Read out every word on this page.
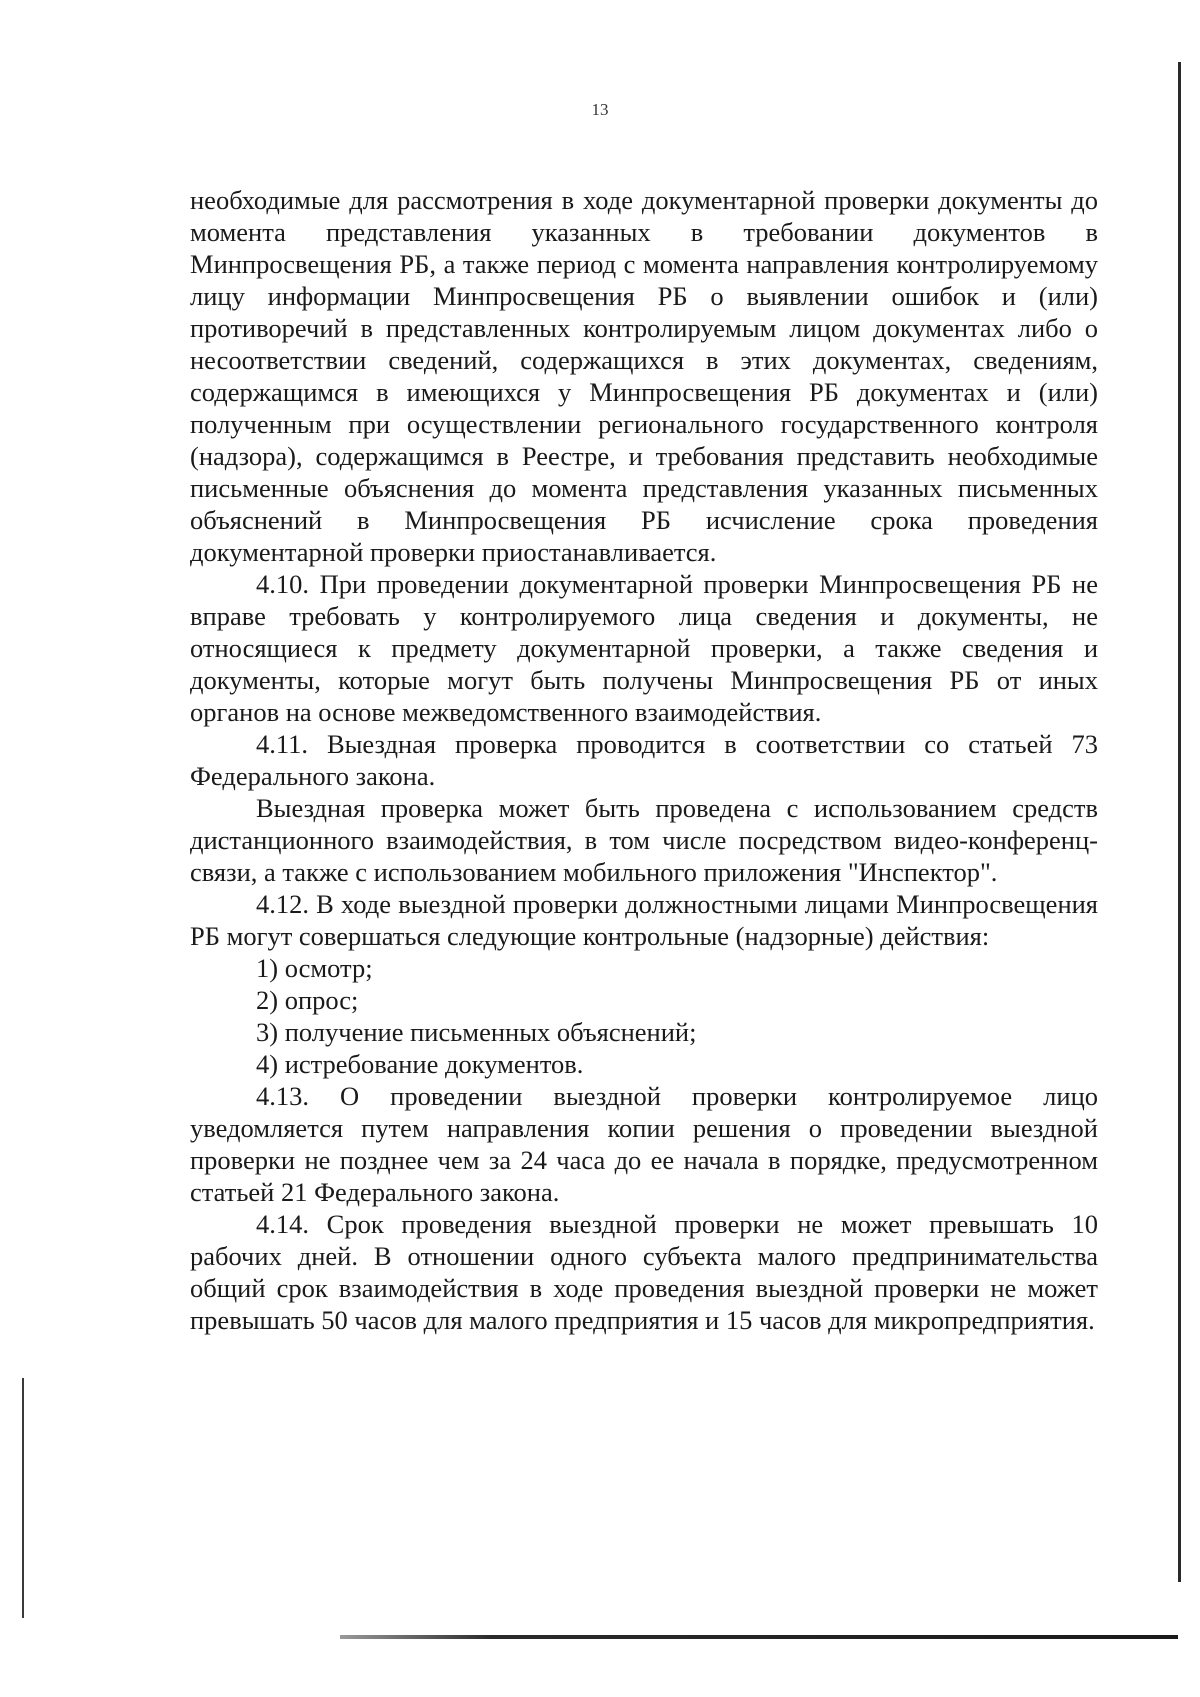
13

необходимые для рассмотрения в ходе документарной проверки документы до момента представления указанных в требовании документов в Минпросвещения РБ, а также период с момента направления контролируемому лицу информации Минпросвещения РБ о выявлении ошибок и (или) противоречий в представленных контролируемым лицом документах либо о несоответствии сведений, содержащихся в этих документах, сведениям, содержащимся в имеющихся у Минпросвещения РБ документах и (или) полученным при осуществлении регионального государственного контроля (надзора), содержащимся в Реестре, и требования представить необходимые письменные объяснения до момента представления указанных письменных объяснений в Минпросвещения РБ исчисление срока проведения документарной проверки приостанавливается.

4.10. При проведении документарной проверки Минпросвещения РБ не вправе требовать у контролируемого лица сведения и документы, не относящиеся к предмету документарной проверки, а также сведения и документы, которые могут быть получены Минпросвещения РБ от иных органов на основе межведомственного взаимодействия.

4.11. Выездная проверка проводится в соответствии со статьей 73 Федерального закона.

Выездная проверка может быть проведена с использованием средств дистанционного взаимодействия, в том числе посредством видео-конференц-связи, а также с использованием мобильного приложения "Инспектор".

4.12. В ходе выездной проверки должностными лицами Минпросвещения РБ могут совершаться следующие контрольные (надзорные) действия:

1) осмотр;

2) опрос;

3) получение письменных объяснений;

4) истребование документов.

4.13. О проведении выездной проверки контролируемое лицо уведомляется путем направления копии решения о проведении выездной проверки не позднее чем за 24 часа до ее начала в порядке, предусмотренном статьей 21 Федерального закона.

4.14. Срок проведения выездной проверки не может превышать 10 рабочих дней. В отношении одного субъекта малого предпринимательства общий срок взаимодействия в ходе проведения выездной проверки не может превышать 50 часов для малого предприятия и 15 часов для микропредприятия.
